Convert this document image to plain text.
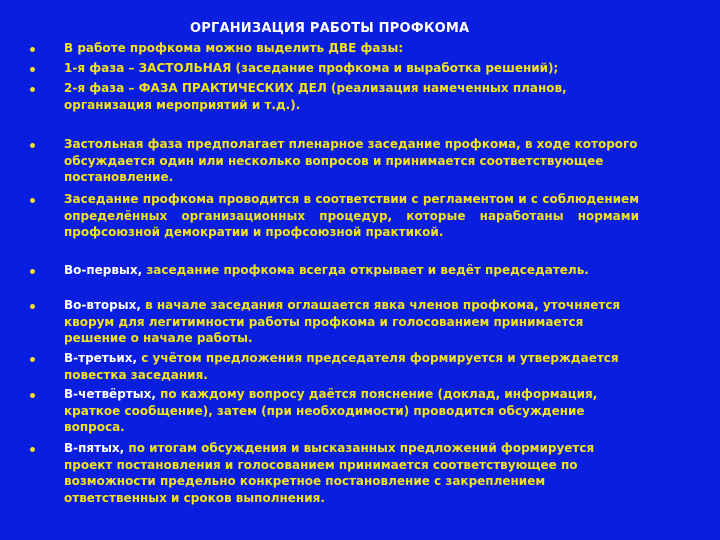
ОРГАНИЗАЦИЯ РАБОТЫ ПРОФКОМА
В работе профкома можно выделить ДВЕ фазы:
1-я фаза – ЗАСТОЛЬНАЯ (заседание профкома и выработка решений);
2-я фаза – ФАЗА ПРАКТИЧЕСКИХ ДЕЛ (реализация намеченных планов, организация мероприятий и т.д.).
Застольная фаза предполагает пленарное заседание профкома, в ходе которого обсуждается один или несколько вопросов и принимается соответствующее постановление.
Заседание профкома проводится в соответствии с регламентом и с соблюдением определённых организационных процедур, которые наработаны нормами профсоюзной демократии и профсоюзной практикой.
Во-первых, заседание профкома всегда открывает и ведёт председатель.
Во-вторых, в начале заседания оглашается явка членов профкома, уточняется кворум для легитимности работы профкома и голосованием принимается решение о начале работы.
В-третьих, с учётом предложения председателя формируется и утверждается повестка заседания.
В-четвёртых, по каждому вопросу даётся пояснение (доклад, информация, краткое сообщение), затем (при необходимости) проводится обсуждение вопроса.
В-пятых, по итогам обсуждения и высказанных предложений формируется проект постановления и голосованием принимается соответствующее по возможности предельно конкретное постановление с закреплением ответственных и сроков выполнения.
